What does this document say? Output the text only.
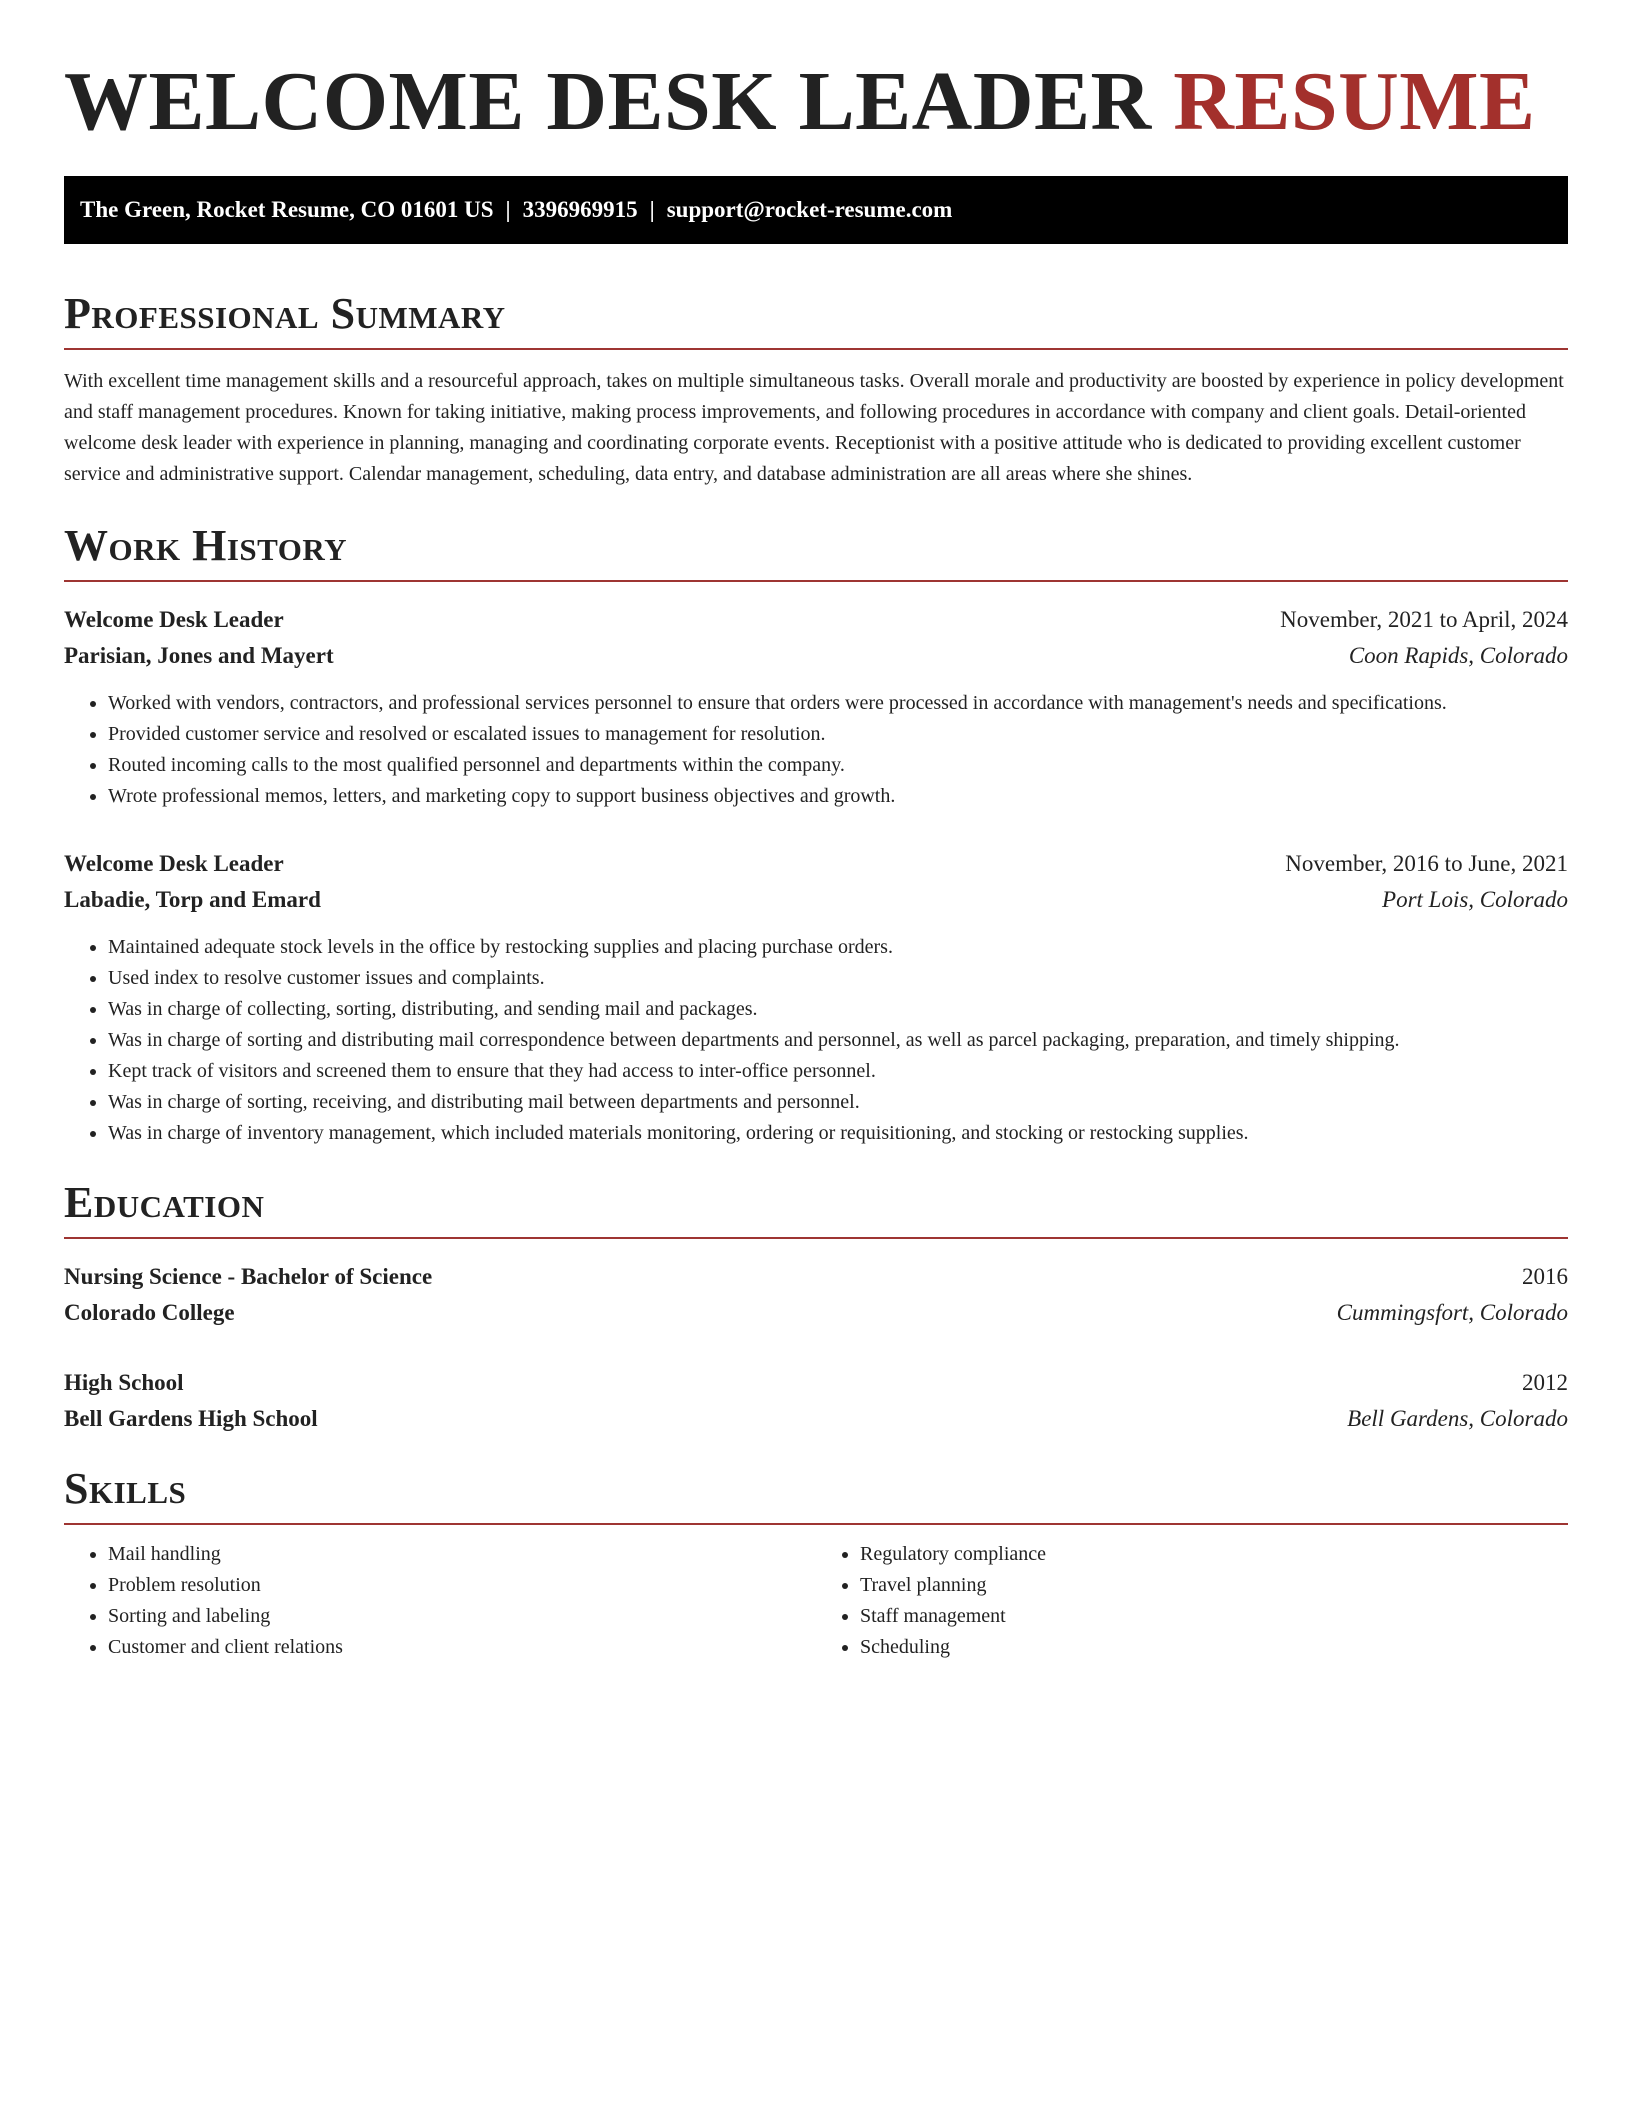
WELCOME DESK LEADER RESUME
The Green, Rocket Resume, CO 01601 US | 3396969915 | support@rocket-resume.com
Professional Summary

With excellent time management skills and a resourceful approach, takes on multiple simultaneous tasks. Overall morale and productivity are boosted by experience in policy development and staff management procedures. Known for taking initiative, making process improvements, and following procedures in accordance with company and client goals. Detail-oriented welcome desk leader with experience in planning, managing and coordinating corporate events. Receptionist with a positive attitude who is dedicated to providing excellent customer service and administrative support. Calendar management, scheduling, data entry, and database administration are all areas where she shines.

Work History
Welcome Desk Leader	November, 2021 to April, 2024
Parisian, Jones and Mayert	Coon Rapids, Colorado
• Worked with vendors, contractors, and professional services personnel to ensure that orders were processed in accordance with management's needs and specifications.
• Provided customer service and resolved or escalated issues to management for resolution.
• Routed incoming calls to the most qualified personnel and departments within the company.
• Wrote professional memos, letters, and marketing copy to support business objectives and growth.
Welcome Desk Leader	November, 2016 to June, 2021
Labadie, Torp and Emard	Port Lois, Colorado
• Maintained adequate stock levels in the office by restocking supplies and placing purchase orders.
• Used index to resolve customer issues and complaints.
• Was in charge of collecting, sorting, distributing, and sending mail and packages.
• Was in charge of sorting and distributing mail correspondence between departments and personnel, as well as parcel packaging, preparation, and timely shipping.
• Kept track of visitors and screened them to ensure that they had access to inter-office personnel.
• Was in charge of sorting, receiving, and distributing mail between departments and personnel.
• Was in charge of inventory management, which included materials monitoring, ordering or requisitioning, and stocking or restocking supplies.
Education
Nursing Science - Bachelor of Science	2016
Colorado College	Cummingsfort, Colorado
High School	2012
Bell Gardens High School	Bell Gardens, Colorado
Skills
• Mail handling
• Problem resolution
• Sorting and labeling
• Customer and client relations
• Regulatory compliance
• Travel planning
• Staff management
• Scheduling
